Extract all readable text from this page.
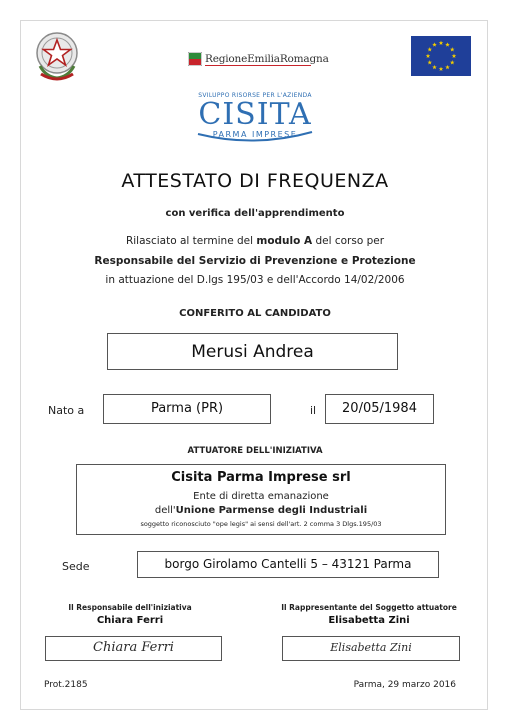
RegioneEmiliaRomagna
SVILUPPO RISORSE PER L'AZIENDA
CISITA
PARMA IMPRESE
ATTESTATO DI FREQUENZA
con verifica dell'apprendimento
Rilasciato al termine del modulo A del corso per
Responsabile del Servizio di Prevenzione e Protezione
in attuazione del D.lgs 195/03 e dell'Accordo 14/02/2006
CONFERITO AL CANDIDATO
Merusi Andrea
Nato a	Parma (PR)	il	20/05/1984
ATTUATORE DELL'INIZIATIVA
Cisita Parma Imprese srl
Ente di diretta emanazione
dell'Unione Parmense degli Industriali
soggetto riconosciuto "ope legis" ai sensi dell'art. 2 comma 3 Dlgs.195/03
Sede	borgo Girolamo Cantelli 5 – 43121 Parma
Il Responsabile dell'iniziativa
Chiara Ferri
Chiara Ferri
Il Rappresentante del Soggetto attuatore
Elisabetta Zini
Elisabetta Zini
Prot.2185	Parma, 29 marzo 2016
